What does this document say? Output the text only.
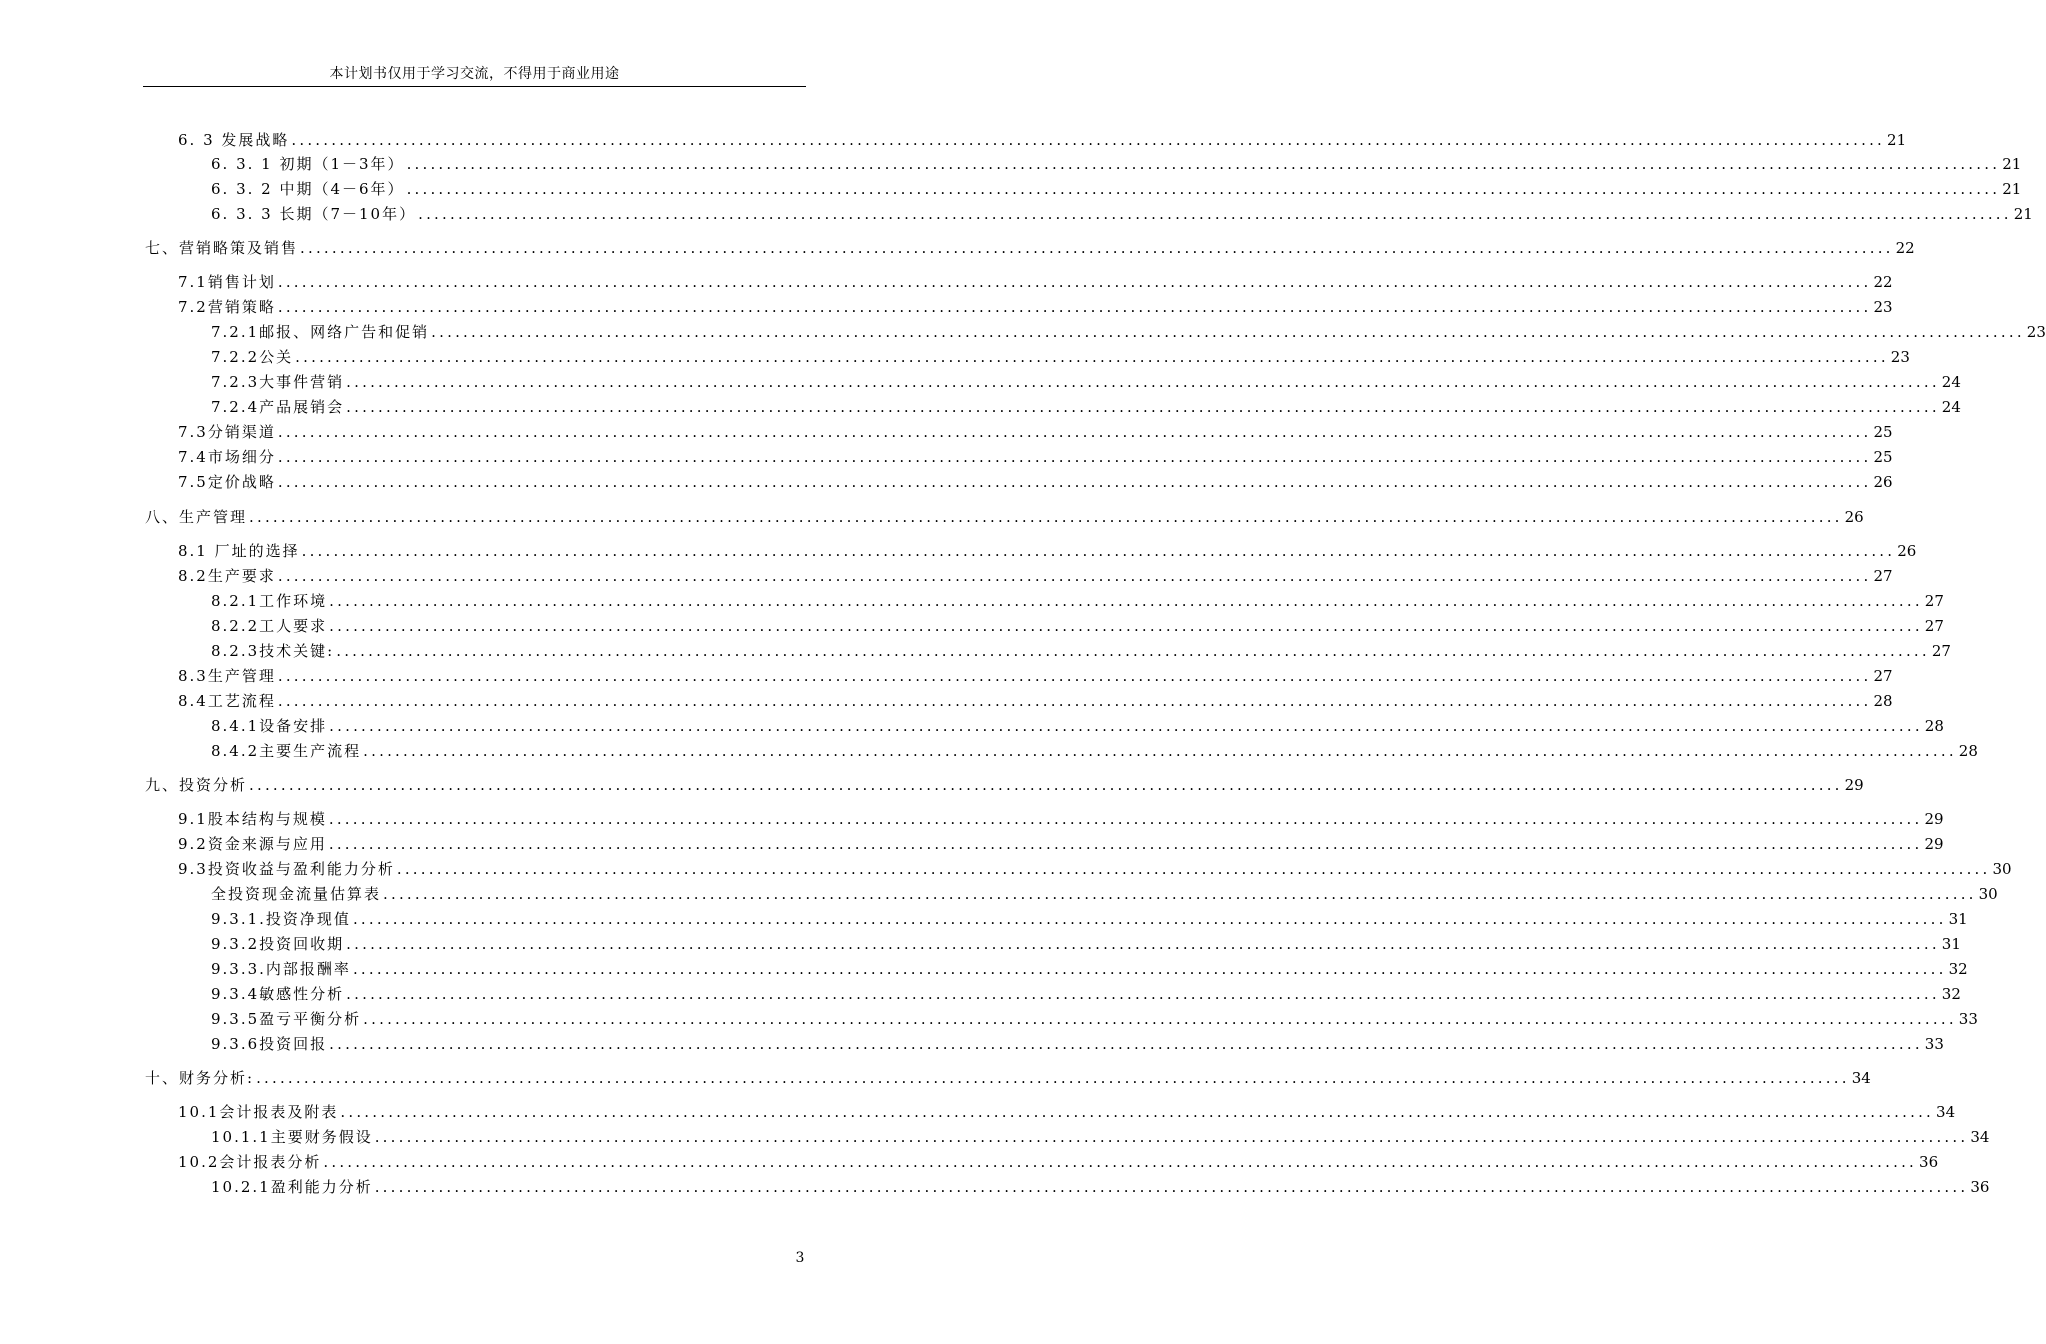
本计划书仅用于学习交流，不得用于商业用途
6. 3 发展战略 ........................................................................................................................................................................................................ 21
6. 3. 1 初期（1－3年） ........................................................................................................................................................................................................ 21
6. 3. 2 中期（4－6年） ........................................................................................................................................................................................................ 21
6. 3. 3 长期（7－10年） ........................................................................................................................................................................................................ 21
七、营销略策及销售 ........................................................................................................................................................................................................ 22
7.1销售计划 ........................................................................................................................................................................................................ 22
7.2营销策略 ........................................................................................................................................................................................................ 23
7.2.1邮报、网络广告和促销 ........................................................................................................................................................................................................ 23
7.2.2公关 ........................................................................................................................................................................................................ 23
7.2.3大事件营销 ........................................................................................................................................................................................................ 24
7.2.4产品展销会 ........................................................................................................................................................................................................ 24
7.3分销渠道 ........................................................................................................................................................................................................ 25
7.4市场细分 ........................................................................................................................................................................................................ 25
7.5定价战略 ........................................................................................................................................................................................................ 26
八、生产管理 ........................................................................................................................................................................................................ 26
8.1 厂址的选择 ........................................................................................................................................................................................................ 26
8.2生产要求 ........................................................................................................................................................................................................ 27
8.2.1工作环境 ........................................................................................................................................................................................................ 27
8.2.2工人要求 ........................................................................................................................................................................................................ 27
8.2.3技术关键: ........................................................................................................................................................................................................ 27
8.3生产管理 ........................................................................................................................................................................................................ 27
8.4工艺流程 ........................................................................................................................................................................................................ 28
8.4.1设备安排 ........................................................................................................................................................................................................ 28
8.4.2主要生产流程 ........................................................................................................................................................................................................ 28
九、投资分析 ........................................................................................................................................................................................................ 29
9.1股本结构与规模 ........................................................................................................................................................................................................ 29
9.2资金来源与应用 ........................................................................................................................................................................................................ 29
9.3投资收益与盈利能力分析 ........................................................................................................................................................................................................ 30
全投资现金流量估算表 ........................................................................................................................................................................................................ 30
9.3.1.投资净现值 ........................................................................................................................................................................................................ 31
9.3.2投资回收期 ........................................................................................................................................................................................................ 31
9.3.3.内部报酬率 ........................................................................................................................................................................................................ 32
9.3.4敏感性分析 ........................................................................................................................................................................................................ 32
9.3.5盈亏平衡分析 ........................................................................................................................................................................................................ 33
9.3.6投资回报 ........................................................................................................................................................................................................ 33
十、财务分析: ........................................................................................................................................................................................................ 34
10.1会计报表及附表 ........................................................................................................................................................................................................ 34
10.1.1主要财务假设 ........................................................................................................................................................................................................ 34
10.2会计报表分析 ........................................................................................................................................................................................................ 36
10.2.1盈利能力分析 ........................................................................................................................................................................................................ 36
3
